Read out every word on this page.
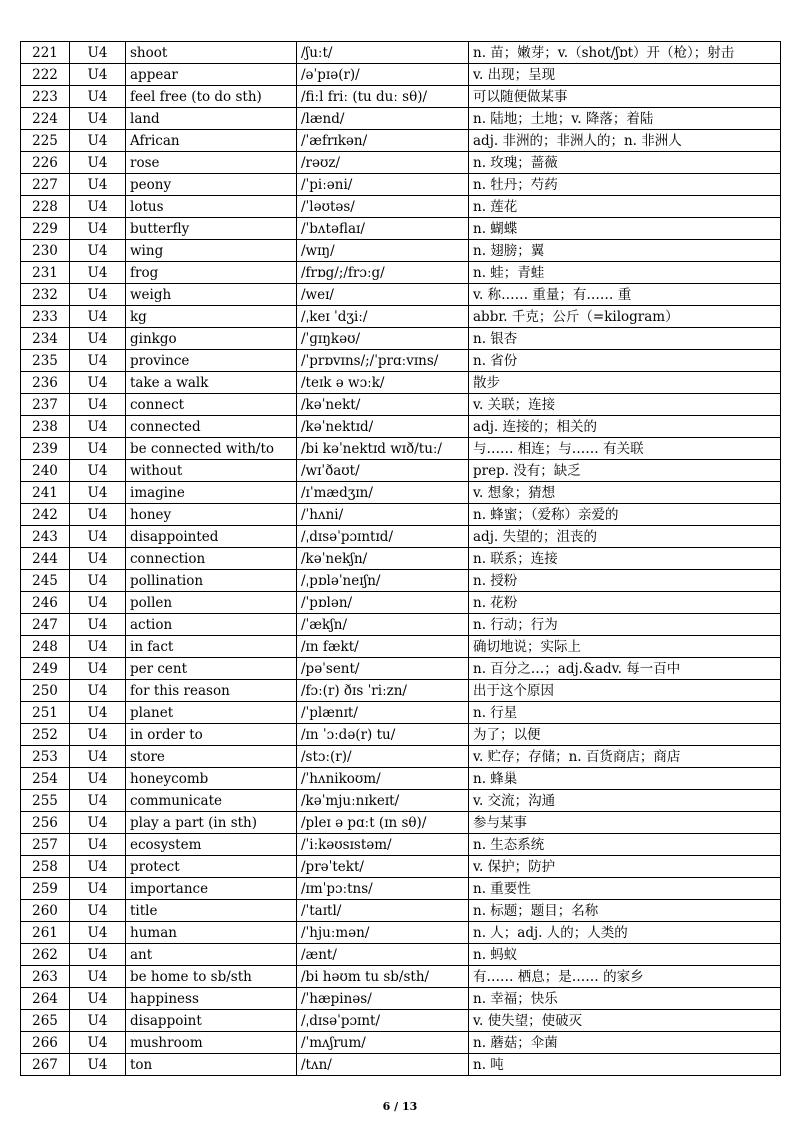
221	U4	shoot	/ʃuːt/	n. 苗；嫩芽；v.（shot/ʃɒt）开（枪）；射击
222	U4	appear	/əˈpɪə(r)/	v. 出现；呈现
223	U4	feel free (to do sth)	/fiːl friː (tu duː sθ)/	可以随便做某事
224	U4	land	/lænd/	n. 陆地；土地；v. 降落；着陆
225	U4	African	/ˈæfrɪkən/	adj. 非洲的；非洲人的；n. 非洲人
226	U4	rose	/rəʊz/	n. 玫瑰；蔷薇
227	U4	peony	/ˈpiːəni/	n. 牡丹；芍药
228	U4	lotus	/ˈləʊtəs/	n. 莲花
229	U4	butterfly	/ˈbʌtəflaɪ/	n. 蝴蝶
230	U4	wing	/wɪŋ/	n. 翅膀；翼
231	U4	frog	/frɒg/;/frɔːg/	n. 蛙；青蛙
232	U4	weigh	/weɪ/	v. 称…… 重量；有…… 重
233	U4	kg	/ˌkeɪ ˈdʒiː/	abbr. 千克；公斤（=kilogram）
234	U4	ginkgo	/ˈɡɪŋkəʊ/	n. 银杏
235	U4	province	/ˈprɒvɪns/;/ˈprɑːvɪns/	n. 省份
236	U4	take a walk	/teɪk ə wɔːk/	散步
237	U4	connect	/kəˈnekt/	v. 关联；连接
238	U4	connected	/kəˈnektɪd/	adj. 连接的；相关的
239	U4	be connected with/to	/bi kəˈnektɪd wɪð/tuː/	与…… 相连；与…… 有关联
240	U4	without	/wɪˈðaʊt/	prep. 没有；缺乏
241	U4	imagine	/ɪˈmædʒɪn/	v. 想象；猜想
242	U4	honey	/ˈhʌni/	n. 蜂蜜；（爱称）亲爱的
243	U4	disappointed	/ˌdɪsəˈpɔɪntɪd/	adj. 失望的；沮丧的
244	U4	connection	/kəˈnekʃn/	n. 联系；连接
245	U4	pollination	/ˌpɒləˈneɪʃn/	n. 授粉
246	U4	pollen	/ˈpɒlən/	n. 花粉
247	U4	action	/ˈækʃn/	n. 行动；行为
248	U4	in fact	/ɪn fækt/	确切地说；实际上
249	U4	per cent	/pəˈsent/	n. 百分之…；adj.&adv. 每一百中
250	U4	for this reason	/fɔː(r) ðɪs ˈriːzn/	出于这个原因
251	U4	planet	/ˈplænɪt/	n. 行星
252	U4	in order to	/ɪn ˈɔːdə(r) tu/	为了；以便
253	U4	store	/stɔː(r)/	v. 贮存；存储；n. 百货商店；商店
254	U4	honeycomb	/ˈhʌnikoʊm/	n. 蜂巢
255	U4	communicate	/kəˈmjuːnɪkeɪt/	v. 交流；沟通
256	U4	play a part (in sth)	/pleɪ ə pɑːt (ɪn sθ)/	参与某事
257	U4	ecosystem	/ˈiːkəʊsɪstəm/	n. 生态系统
258	U4	protect	/prəˈtekt/	v. 保护；防护
259	U4	importance	/ɪmˈpɔːtns/	n. 重要性
260	U4	title	/ˈtaɪtl/	n. 标题；题目；名称
261	U4	human	/ˈhjuːmən/	n. 人；adj. 人的；人类的
262	U4	ant	/ænt/	n. 蚂蚁
263	U4	be home to sb/sth	/bi həʊm tu sb/sth/	有…… 栖息；是…… 的家乡
264	U4	happiness	/ˈhæpinəs/	n. 幸福；快乐
265	U4	disappoint	/ˌdɪsəˈpɔɪnt/	v. 使失望；使破灭
266	U4	mushroom	/ˈmʌʃrum/	n. 蘑菇；伞菌
267	U4	ton	/tʌn/	n. 吨
6 / 13
